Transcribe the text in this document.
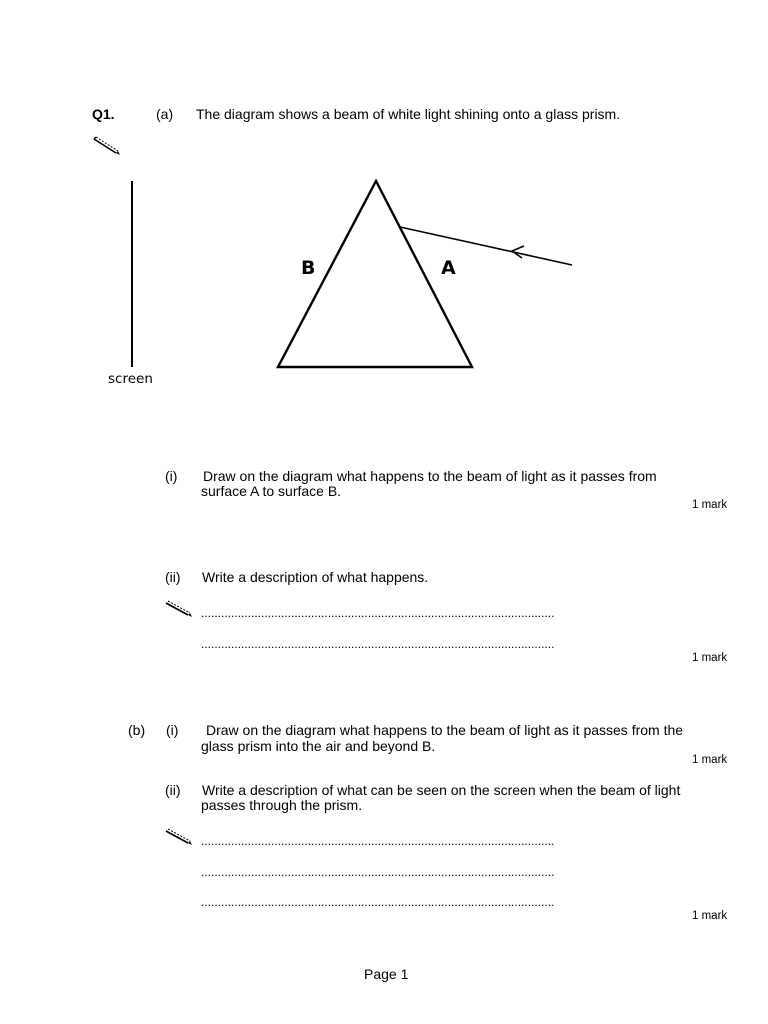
Q1.	(a) The diagram shows a beam of white light shining onto a glass prism.
screen
B	A
(i) Draw on the diagram what happens to the beam of light as it passes from
surface A to surface B.
1 mark
(ii) Write a description of what happens.
..........................................................................................................
..........................................................................................................
1 mark
(b) (i) Draw on the diagram what happens to the beam of light as it passes from the
glass prism into the air and beyond B.
1 mark
(ii) Write a description of what can be seen on the screen when the beam of light
passes through the prism.
..........................................................................................................
..........................................................................................................
..........................................................................................................
1 mark
Page 1
